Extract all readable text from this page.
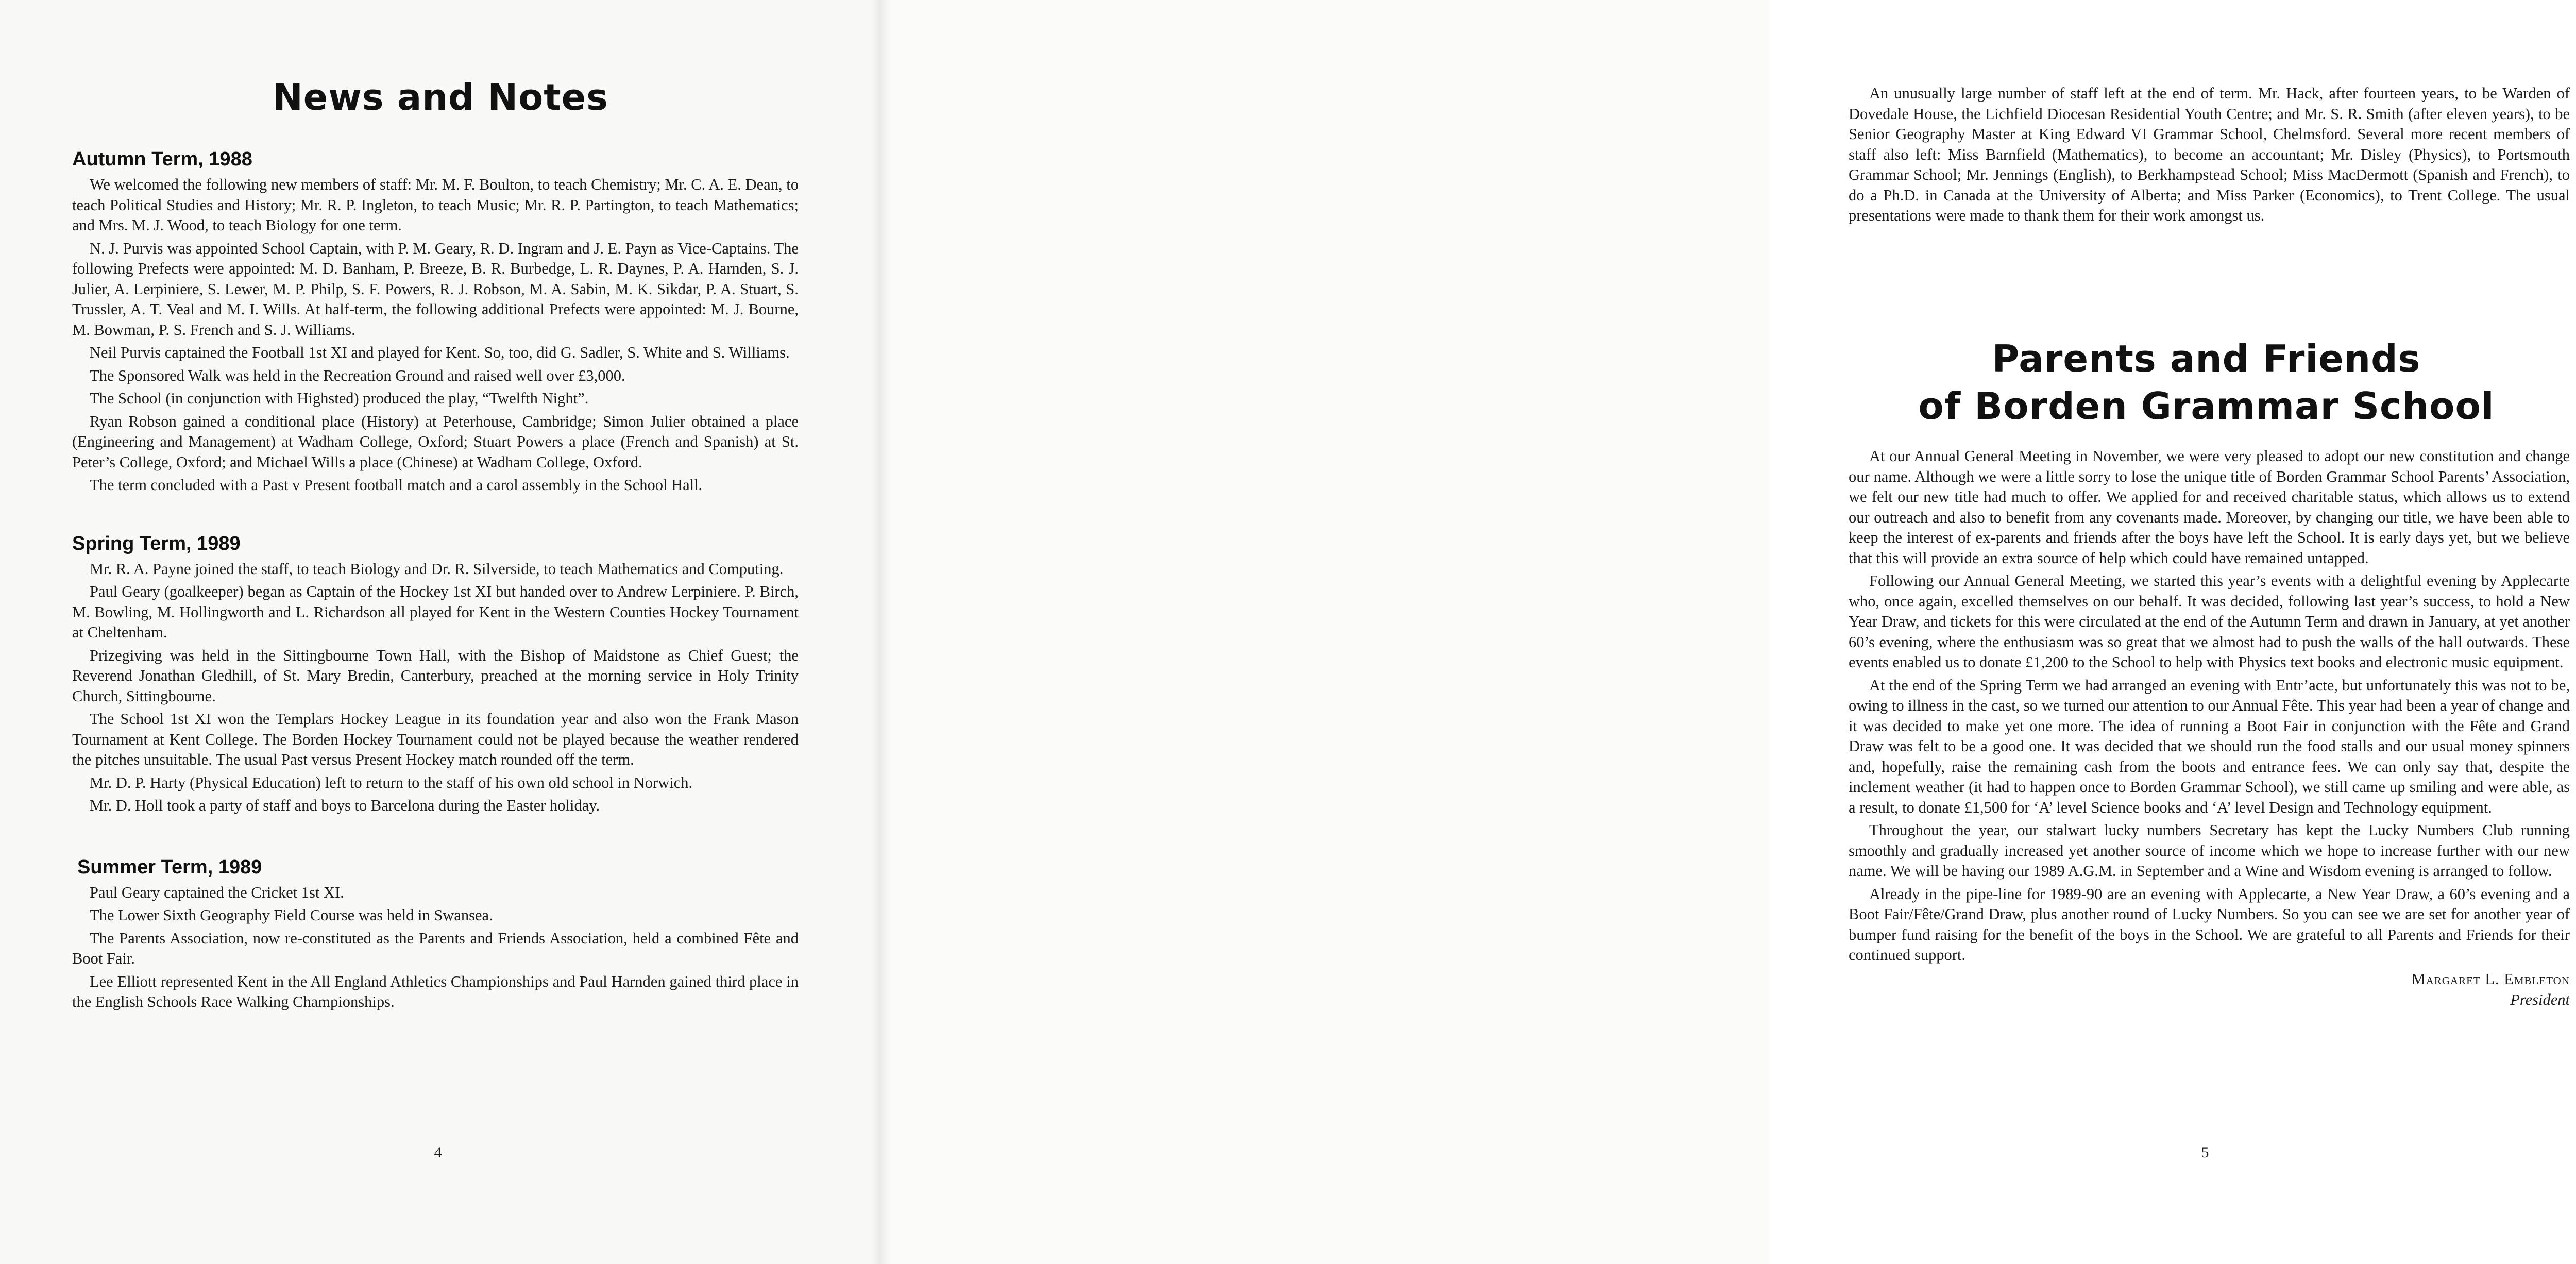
News and Notes
Autumn Term, 1988

We welcomed the following new members of staff: Mr. M. F. Boulton, to teach Chemistry; Mr. C. A. E. Dean, to teach Political Studies and History; Mr. R. P. Ingleton, to teach Music; Mr. R. P. Partington, to teach Mathematics; and Mrs. M. J. Wood, to teach Biology for one term.

N. J. Purvis was appointed School Captain, with P. M. Geary, R. D. Ingram and J. E. Payn as Vice-Captains. The following Prefects were appointed: M. D. Banham, P. Breeze, B. R. Burbedge, L. R. Daynes, P. A. Harnden, S. J. Julier, A. Lerpiniere, S. Lewer, M. P. Philp, S. F. Powers, R. J. Robson, M. A. Sabin, M. K. Sikdar, P. A. Stuart, S. Trussler, A. T. Veal and M. I. Wills. At half-term, the following additional Prefects were appointed: M. J. Bourne, M. Bowman, P. S. French and S. J. Williams.

Neil Purvis captained the Football 1st XI and played for Kent. So, too, did G. Sadler, S. White and S. Williams.

The Sponsored Walk was held in the Recreation Ground and raised well over £3,000.

The School (in conjunction with Highsted) produced the play, “Twelfth Night”.

Ryan Robson gained a conditional place (History) at Peterhouse, Cambridge; Simon Julier obtained a place (Engineering and Management) at Wadham College, Oxford; Stuart Powers a place (French and Spanish) at St. Peter’s College, Oxford; and Michael Wills a place (Chinese) at Wadham College, Oxford.

The term concluded with a Past v Present football match and a carol assembly in the School Hall.

Spring Term, 1989

Mr. R. A. Payne joined the staff, to teach Biology and Dr. R. Silverside, to teach Mathematics and Computing.

Paul Geary (goalkeeper) began as Captain of the Hockey 1st XI but handed over to Andrew Lerpiniere. P. Birch, M. Bowling, M. Hollingworth and L. Richardson all played for Kent in the Western Counties Hockey Tournament at Cheltenham.

Prizegiving was held in the Sittingbourne Town Hall, with the Bishop of Maidstone as Chief Guest; the Reverend Jonathan Gledhill, of St. Mary Bredin, Canterbury, preached at the morning service in Holy Trinity Church, Sittingbourne.

The School 1st XI won the Templars Hockey League in its foundation year and also won the Frank Mason Tournament at Kent College. The Borden Hockey Tournament could not be played because the weather rendered the pitches unsuitable. The usual Past versus Present Hockey match rounded off the term.

Mr. D. P. Harty (Physical Education) left to return to the staff of his own old school in Norwich.

Mr. D. Holl took a party of staff and boys to Barcelona during the Easter holiday.

Summer Term, 1989

Paul Geary captained the Cricket 1st XI.

The Lower Sixth Geography Field Course was held in Swansea.

The Parents Association, now re-constituted as the Parents and Friends Association, held a combined Fête and Boot Fair.

Lee Elliott represented Kent in the All England Athletics Championships and Paul Harnden gained third place in the English Schools Race Walking Championships.

4

An unusually large number of staff left at the end of term. Mr. Hack, after fourteen years, to be Warden of Dovedale House, the Lichfield Diocesan Residential Youth Centre; and Mr. S. R. Smith (after eleven years), to be Senior Geography Master at King Edward VI Grammar School, Chelmsford. Several more recent members of staff also left: Miss Barnfield (Mathematics), to become an accountant; Mr. Disley (Physics), to Portsmouth Grammar School; Mr. Jennings (English), to Berkhampstead School; Miss MacDermott (Spanish and French), to do a Ph.D. in Canada at the University of Alberta; and Miss Parker (Economics), to Trent College. The usual presentations were made to thank them for their work amongst us.

Parents and Friends
of Borden Grammar School

At our Annual General Meeting in November, we were very pleased to adopt our new constitution and change our name. Although we were a little sorry to lose the unique title of Borden Grammar School Parents’ Association, we felt our new title had much to offer. We applied for and received charitable status, which allows us to extend our outreach and also to benefit from any covenants made. Moreover, by changing our title, we have been able to keep the interest of ex-parents and friends after the boys have left the School. It is early days yet, but we believe that this will provide an extra source of help which could have remained untapped.

Following our Annual General Meeting, we started this year’s events with a delightful evening by Applecarte who, once again, excelled themselves on our behalf. It was decided, following last year’s success, to hold a New Year Draw, and tickets for this were circulated at the end of the Autumn Term and drawn in January, at yet another 60’s evening, where the enthusiasm was so great that we almost had to push the walls of the hall outwards. These events enabled us to donate £1,200 to the School to help with Physics text books and electronic music equipment.

At the end of the Spring Term we had arranged an evening with Entr’acte, but unfortunately this was not to be, owing to illness in the cast, so we turned our attention to our Annual Fête. This year had been a year of change and it was decided to make yet one more. The idea of running a Boot Fair in conjunction with the Fête and Grand Draw was felt to be a good one. It was decided that we should run the food stalls and our usual money spinners and, hopefully, raise the remaining cash from the boots and entrance fees. We can only say that, despite the inclement weather (it had to happen once to Borden Grammar School), we still came up smiling and were able, as a result, to donate £1,500 for ‘A’ level Science books and ‘A’ level Design and Technology equipment.

Throughout the year, our stalwart lucky numbers Secretary has kept the Lucky Numbers Club running smoothly and gradually increased yet another source of income which we hope to increase further with our new name. We will be having our 1989 A.G.M. in September and a Wine and Wisdom evening is arranged to follow.

Already in the pipe-line for 1989-90 are an evening with Applecarte, a New Year Draw, a 60’s evening and a Boot Fair/Fête/Grand Draw, plus another round of Lucky Numbers. So you can see we are set for another year of bumper fund raising for the benefit of the boys in the School. We are grateful to all Parents and Friends for their continued support.

Margaret L. Embleton
President
5
